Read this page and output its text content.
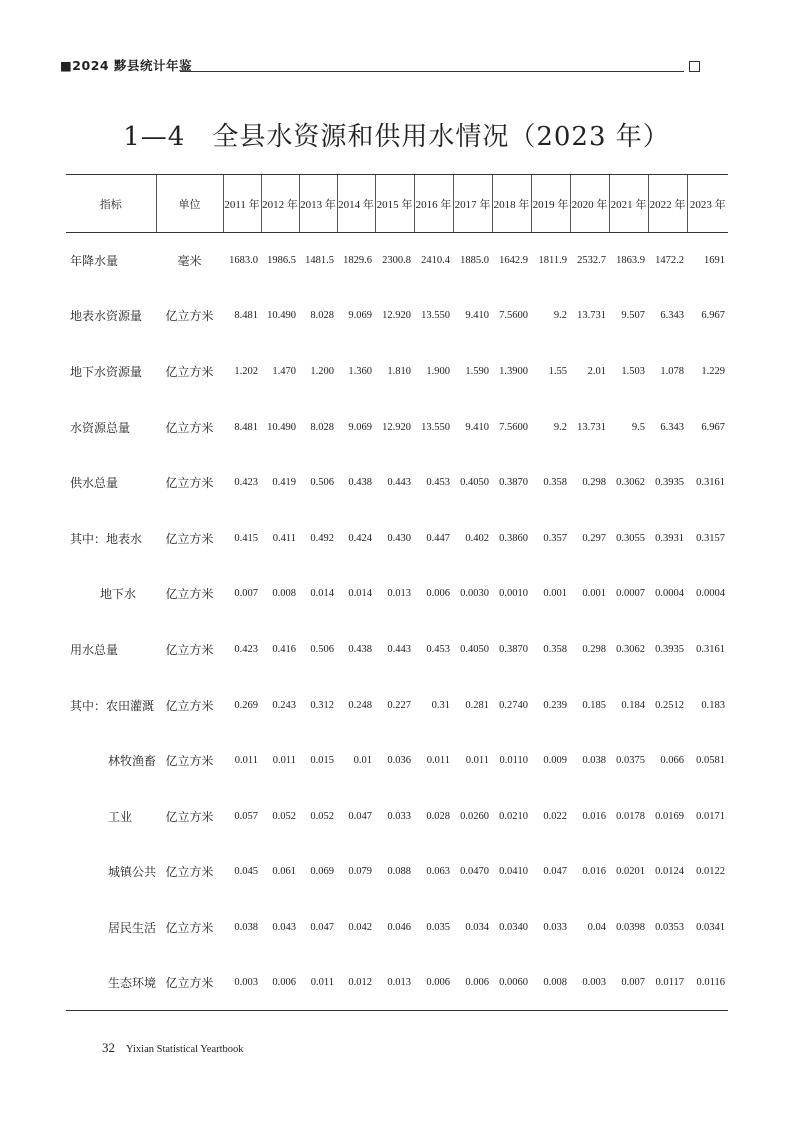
■2024 黟县统计年鉴
1—4　全县水资源和供用水情况（2023 年）
指标	单位	2011 年	2012 年	2013 年	2014 年	2015 年	2016 年	2017 年	2018 年	2019 年	2020 年	2021 年	2022 年	2023 年
年降水量	毫米	1683.0	1986.5	1481.5	1829.6	2300.8	2410.4	1885.0	1642.9	1811.9	2532.7	1863.9	1472.2	1691
地表水资源量	亿立方米	8.481	10.490	8.028	9.069	12.920	13.550	9.410	7.5600	9.2	13.731	9.507	6.343	6.967
地下水资源量	亿立方米	1.202	1.470	1.200	1.360	1.810	1.900	1.590	1.3900	1.55	2.01	1.503	1.078	1.229
水资源总量	亿立方米	8.481	10.490	8.028	9.069	12.920	13.550	9.410	7.5600	9.2	13.731	9.5	6.343	6.967
供水总量	亿立方米	0.423	0.419	0.506	0.438	0.443	0.453	0.4050	0.3870	0.358	0.298	0.3062	0.3935	0.3161
其中：地表水	亿立方米	0.415	0.411	0.492	0.424	0.430	0.447	0.402	0.3860	0.357	0.297	0.3055	0.3931	0.3157
地下水	亿立方米	0.007	0.008	0.014	0.014	0.013	0.006	0.0030	0.0010	0.001	0.001	0.0007	0.0004	0.0004
用水总量	亿立方米	0.423	0.416	0.506	0.438	0.443	0.453	0.4050	0.3870	0.358	0.298	0.3062	0.3935	0.3161
其中：农田灌溉	亿立方米	0.269	0.243	0.312	0.248	0.227	0.31	0.281	0.2740	0.239	0.185	0.184	0.2512	0.183
林牧渔畜	亿立方米	0.011	0.011	0.015	0.01	0.036	0.011	0.011	0.0110	0.009	0.038	0.0375	0.066	0.0581
工业	亿立方米	0.057	0.052	0.052	0.047	0.033	0.028	0.0260	0.0210	0.022	0.016	0.0178	0.0169	0.0171
城镇公共	亿立方米	0.045	0.061	0.069	0.079	0.088	0.063	0.0470	0.0410	0.047	0.016	0.0201	0.0124	0.0122
居民生活	亿立方米	0.038	0.043	0.047	0.042	0.046	0.035	0.034	0.0340	0.033	0.04	0.0398	0.0353	0.0341
生态环境	亿立方米	0.003	0.006	0.011	0.012	0.013	0.006	0.006	0.0060	0.008	0.003	0.007	0.0117	0.0116
32 Yixian Statistical Yeartbook
